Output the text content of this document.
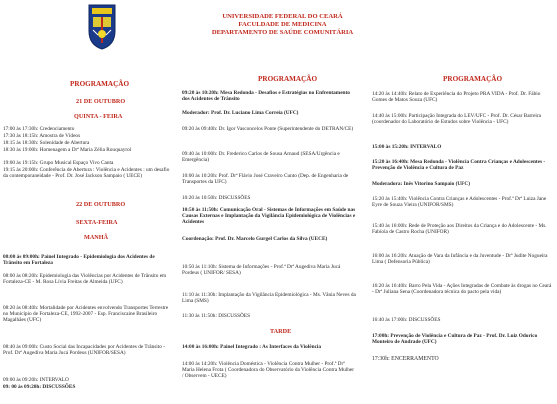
UNIVERSIDADE FEDERAL DO CEARÁ
FACULDADE DE MEDICINA
DEPARTAMENTO DE SAÚDE COMUNITÁRIA
PROGRAMAÇÃO
21 DE OUTUBRO
QUINTA - FEIRA

17:00 às 17:30h: Credenciamento

17:30 às 18:15h: Amostra de Vídeos

18:15 às 18:30h: Solenidade de Abertura

18:30 às 19:00h: Homenagem a Drª Maria Zélia Rouquayrol

19:00 às 19:15h: Grupo Musical Espaço Vivo Canta

19:15 às 20:00h: Conferência de Abertura : Violência e Acidentes : um desafio da contemporaneidade - Prof. Dr. José Jackson Sampaio ( UECE)

22 DE OUTUBRO
SEXTA-FEIRA
MANHÃ

08:00 às 09:00h: Painel Integrado - Epidemiologia dos Acidentes de Trânsito em Fortaleza

08:00 às 08:20h: Epidemiologia das Violências por Acidentes de Trânsito em Fortaleza-CE - M. Rosa Lívia Freitas de Almeida (UFC)

08:20 às 08:40h: Mortalidade por Acidentes envolvendo Transportes Terrestre no Município de Fortaleza-CE, 1992-2007 - Esp. Franciscaine Brasileiro Magalhães (UFC)

08:40 às 09:00h: Custo Social das Incapacidades por Acidentes de Trânsito - Prof. Drª Augediva Maria Jucá Pordeus (UNIFOR/SESA)

09:00 às 09:20h: INTERVALO

09: 00 às 09:20h: DISCUSSÕES

PROGRAMAÇÃO

09:20 às 10:20h: Mesa Redonda - Desafios e Estratégias no Enfrentamento dos Acidentes de Trânsito

Moderador: Prof. Dr. Luciano Lima Correia (UFC)

09:20 às 09:40h: Dr. Igor Vasconcelos Ponte (Superintendente do DETRAN/CE)

09:40 às 10:00h: Dr. Frederico Carlos de Sousa Arnaud (SESA/Urgência e Emergência)

10:00 às 10:20h: Prof. Drª Flávio José Craveiro Cunto (Dep. de Engenharia de Transportes da UFC)

10:20 às 10:50h: DISCUSSÕES

10:50 às 11:50h: Comunicação Oral - Sistemas de Informações em Saúde nas Causas Externas e Implantação da Vigilância Epidemiológica de Violências e Acidentes

Coordenação: Prof. Dr. Marcelo Gurgel Carlos da Silva (UECE)

10:50 às 11:10h: Sistema de Informações - Prof.ª Drª Augediva Maria Jucá Pordeus ( UNIFOR/ SESA)

11:10 às 11:30h: Implantação da Vigilância Epidemiológica - Ms. Vânia Neves da Lima (SMS)

11:30 às 11:50h: DISCUSSÕES

TARDE

14:00 às 16:00h: Painel Integrado : As Interfaces da Violência

14:00 às 14:20h: Violência Doméstica - Violência Contra Mulher - Prof.ª Drª Maria Helena Frota ( Coordenadora do Observatório da Violência Contra Mulher / Observem - UECE)

PROGRAMAÇÃO

14:20 às 14:40h: Relato de Experiência do Projeto PRA VIDA - Prof. Dr. Fábio Gomes de Matos Souza (UFC)

14:40 às 15:00h: Participação Integrada do LEV/UFC - Prof. Dr. César Barreira (coordenador do Laboratório de Estudos sobre Violência - UFC)

15:00 às 15:20h: INTERVALO

15:20 às 16:40h: Mesa Redonda - Violência Contra Crianças e Adolescentes - Prevenção de Violência e Cultura de Paz

Moderadora: Inês Vitorino Sampaio (UFC)

15:20 às 15:40h: Violência Contra Crianças e Adolescentes - Prof.ª Drª Luiza Jane Eyre de Souza Vieira (UNIFOR/SMS)

15:40 às 16:00h: Rede de Proteção aos Direitos da Criança e do Adolescente - Ms. Fabíola de Castro Rocha (UNIFOR)

16:00 às 16:20h: Atuação de Vara da Infância e da Juventude - Drª Judite Nogueira Lima ( Defensoria Pública)

16:20 às 16:40h: Barro Pela Vida - Ações Integradas de Combate às drogas no Ceará - Drª Juliana Sena (Coordenadora técnica do pacto pela vida)

16:40 às 17:00h: DISCUSSÕES

17:00h: Prevenção de Violência e Cultura de Paz - Prof. Dr. Luiz Odorico Monteiro de Andrade (UFC)

17:30h: ENCERRAMENTO
